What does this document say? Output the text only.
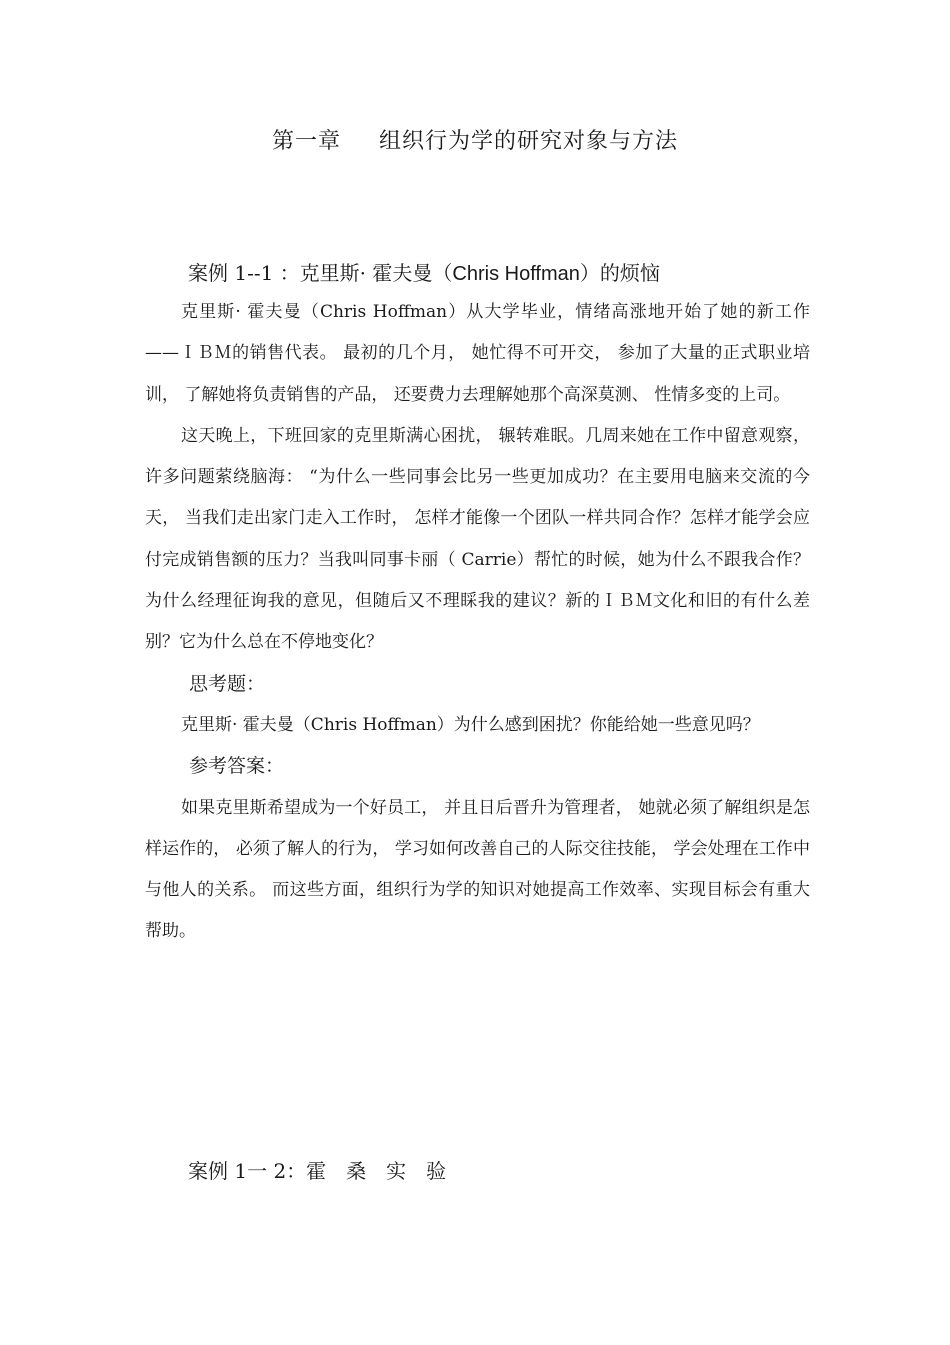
第一章 组织行为学的研究对象与方法
案例 1--1 ：克里斯· 霍夫曼（Chris Hoffman）的烦恼

克里斯· 霍夫曼（Chris Hoffman）从大学毕业，情绪高涨地开始了她的新工作——ＩＢＭ的销售代表。 最初的几个月， 她忙得不可开交， 参加了大量的正式职业培训， 了解她将负责销售的产品， 还要费力去理解她那个高深莫测、 性情多变的上司。

这天晚上，下班回家的克里斯满心困扰， 辗转难眠。几周来她在工作中留意观察，许多问题萦绕脑海： “为什么一些同事会比另一些更加成功？在主要用电脑来交流的今天， 当我们走出家门走入工作时， 怎样才能像一个团队一样共同合作？怎样才能学会应付完成销售额的压力？当我叫同事卡丽（ Carrie）帮忙的时候，她为什么不跟我合作？为什么经理征询我的意见，但随后又不理睬我的建议？新的ＩＢＭ文化和旧的有什么差别？它为什么总在不停地变化？

思考题：

克里斯· 霍夫曼（Chris Hoffman）为什么感到困扰？你能给她一些意见吗？

参考答案：

如果克里斯希望成为一个好员工， 并且日后晋升为管理者， 她就必须了解组织是怎样运作的， 必须了解人的行为， 学习如何改善自己的人际交往技能， 学会处理在工作中与他人的关系。 而这些方面，组织行为学的知识对她提高工作效率、实现目标会有重大帮助。

案例 1一 2：霍　桑　实　验
